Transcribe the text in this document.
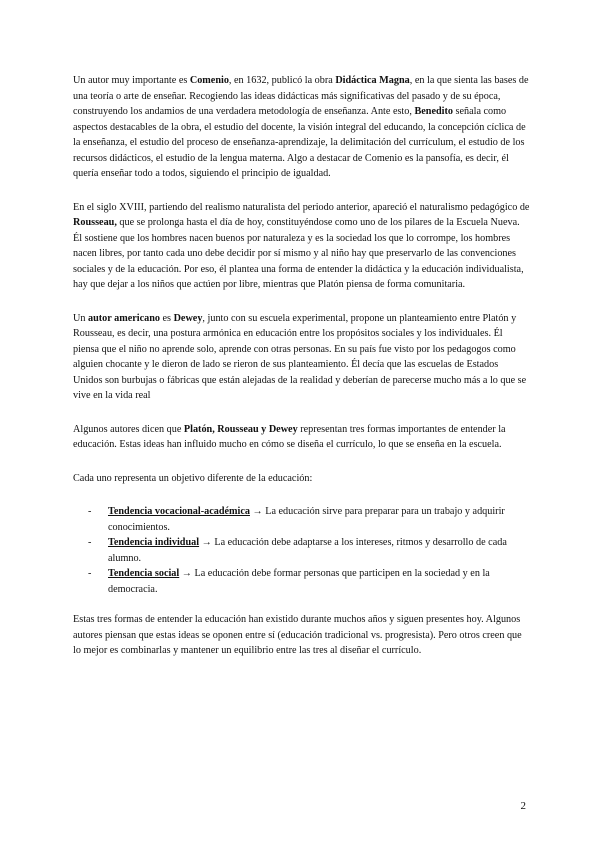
Un autor muy importante es Comenio, en 1632, publicó la obra Didáctica Magna, en la que sienta las bases de una teoría o arte de enseñar. Recogiendo las ideas didácticas más significativas del pasado y de su época, construyendo los andamios de una verdadera metodología de enseñanza. Ante esto, Benedito señala como aspectos destacables de la obra, el estudio del docente, la visión integral del educando, la concepción cíclica de la enseñanza, el estudio del proceso de enseñanza-aprendizaje, la delimitación del currículum, el estudio de los recursos didácticos, el estudio de la lengua materna. Algo a destacar de Comenio es la pansofía, es decir, él quería enseñar todo a todos, siguiendo el principio de igualdad.

En el siglo XVIII, partiendo del realismo naturalista del periodo anterior, apareció el naturalismo pedagógico de Rousseau, que se prolonga hasta el día de hoy, constituyéndose como uno de los pilares de la Escuela Nueva. Él sostiene que los hombres nacen buenos por naturaleza y es la sociedad los que lo corrompe, los hombres nacen libres, por tanto cada uno debe decidir por sí mismo y al niño hay que preservarlo de las convenciones sociales y de la educación. Por eso, él plantea una forma de entender la didáctica y la educación individualista, hay que dejar a los niños que actúen por libre, mientras que Platón piensa de forma comunitaria.

Un autor americano es Dewey, junto con su escuela experimental, propone un planteamiento entre Platón y Rousseau, es decir, una postura armónica en educación entre los propósitos sociales y los individuales. Él piensa que el niño no aprende solo, aprende con otras personas. En su país fue visto por los pedagogos como alguien chocante y le dieron de lado se rieron de sus planteamiento. Él decía que las escuelas de Estados Unidos son burbujas o fábricas que están alejadas de la realidad y deberían de parecerse mucho más a lo que se vive en la vida real

Algunos autores dicen que Platón, Rousseau y Dewey representan tres formas importantes de entender la educación. Estas ideas han influido mucho en cómo se diseña el currículo, lo que se enseña en la escuela.

Cada uno representa un objetivo diferente de la educación:

- Tendencia vocacional-académica → La educación sirve para preparar para un trabajo y adquirir conocimientos.
- Tendencia individual → La educación debe adaptarse a los intereses, ritmos y desarrollo de cada alumno.
- Tendencia social → La educación debe formar personas que participen en la sociedad y en la democracia.

Estas tres formas de entender la educación han existido durante muchos años y siguen presentes hoy. Algunos autores piensan que estas ideas se oponen entre sí (educación tradicional vs. progresista). Pero otros creen que lo mejor es combinarlas y mantener un equilibrio entre las tres al diseñar el currículo.

2
